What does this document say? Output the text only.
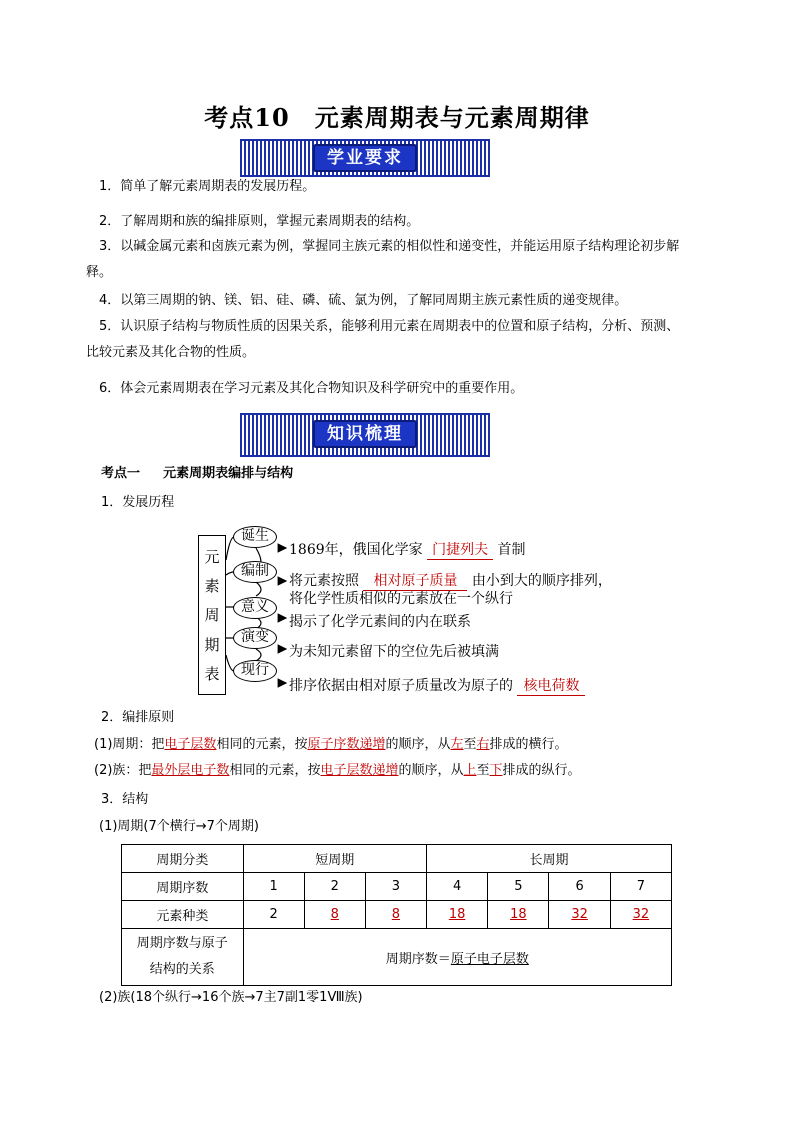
考点10　元素周期表与元素周期律
学业要求
1．简单了解元素周期表的发展历程。
2．了解周期和族的编排原则，掌握元素周期表的结构。
3．以碱金属元素和卤族元素为例，掌握同主族元素的相似性和递变性，并能运用原子结构理论初步解
释。
4．以第三周期的钠、镁、铝、硅、磷、硫、氯为例，了解同周期主族元素性质的递变规律。
5．认识原子结构与物质性质的因果关系，能够利用元素在周期表中的位置和原子结构，分析、预测、
比较元素及其化合物的性质。
6．体会元素周期表在学习元素及其化合物知识及科学研究中的重要作用。
知识梳理
考点一 元素周期表编排与结构
1．发展历程
元
素
周
期
表
诞生
编制
意义
演变
现行
1869年，俄国化学家 门捷列夫 首制
将元素按照 相对原子质量 由小到大的顺序排列，
将化学性质相似的元素放在一个纵行
揭示了化学元素间的内在联系
为未知元素留下的空位先后被填满
排序依据由相对原子质量改为原子的 核电荷数
2．编排原则
(1)周期：把电子层数相同的元素，按原子序数递增的顺序，从左至右排成的横行。
(2)族：把最外层电子数相同的元素，按电子层数递增的顺序，从上至下排成的纵行。
3．结构
(1)周期(7个横行→7个周期)
周期分类	短周期			长周期			
周期序数	1	2	3	4	5	6	7
元素种类	2	8	8	18	18	32	32

周期序数与原子结构的关系	周期序数＝原子电子层数						
(2)族(18个纵行→16个族→7主7副1零1Ⅷ族)
